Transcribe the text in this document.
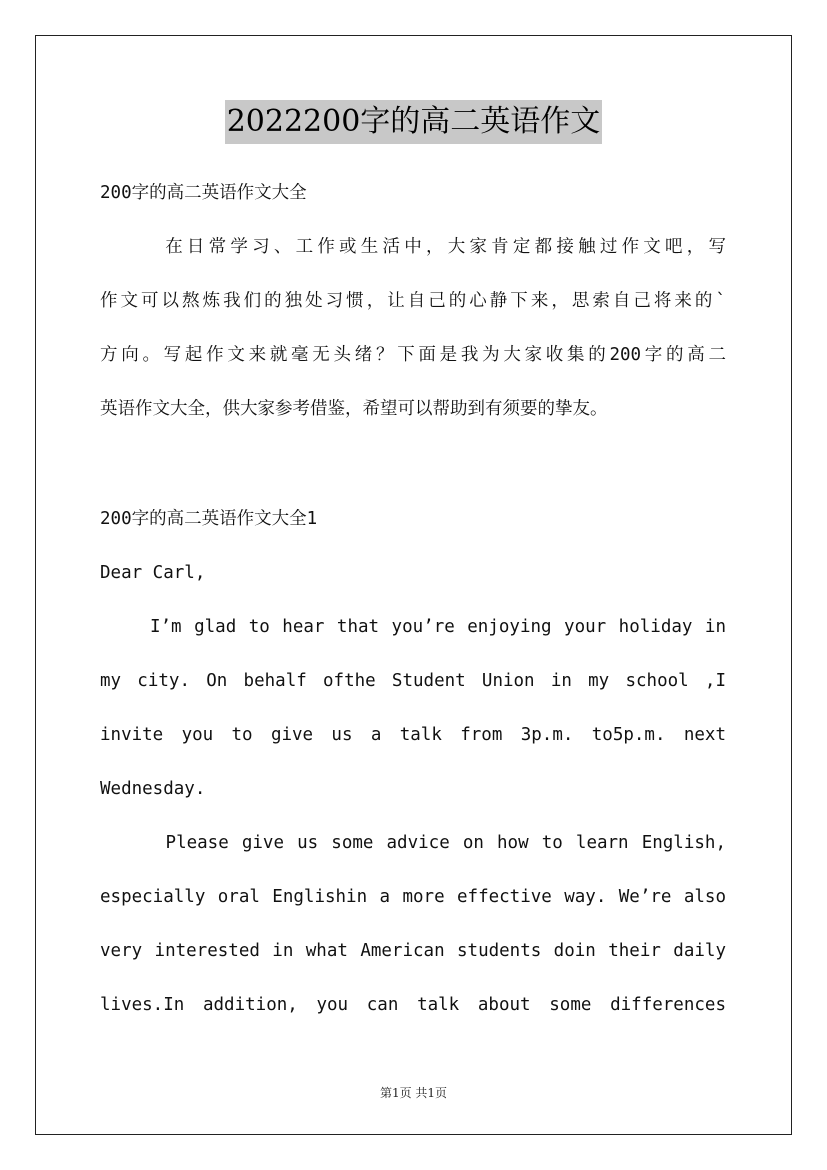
2022200字的高二英语作文
200字的高二英语作文大全
　　　在日常学习、工作或生活中，大家肯定都接触过作文吧，写
作文可以熬炼我们的独处习惯，让自己的心静下来，思索自己将来的`
方向。写起作文来就毫无头绪？下面是我为大家收集的200字的高二
英语作文大全，供大家参考借鉴，希望可以帮助到有须要的挚友。
200字的高二英语作文大全1
Dear Carl,
I’m glad to hear that you’re enjoying your holiday in
my city. On behalf ofthe Student Union in my school ,I
invite you to give us a talk from 3p.m. to5p.m. next
Wednesday.
Please give us some advice on how to learn English,
especially oral Englishin a more effective way. We’re also
very interested in what American students doin their daily
lives.In addition, you can talk about some differences
第1页 共1页
